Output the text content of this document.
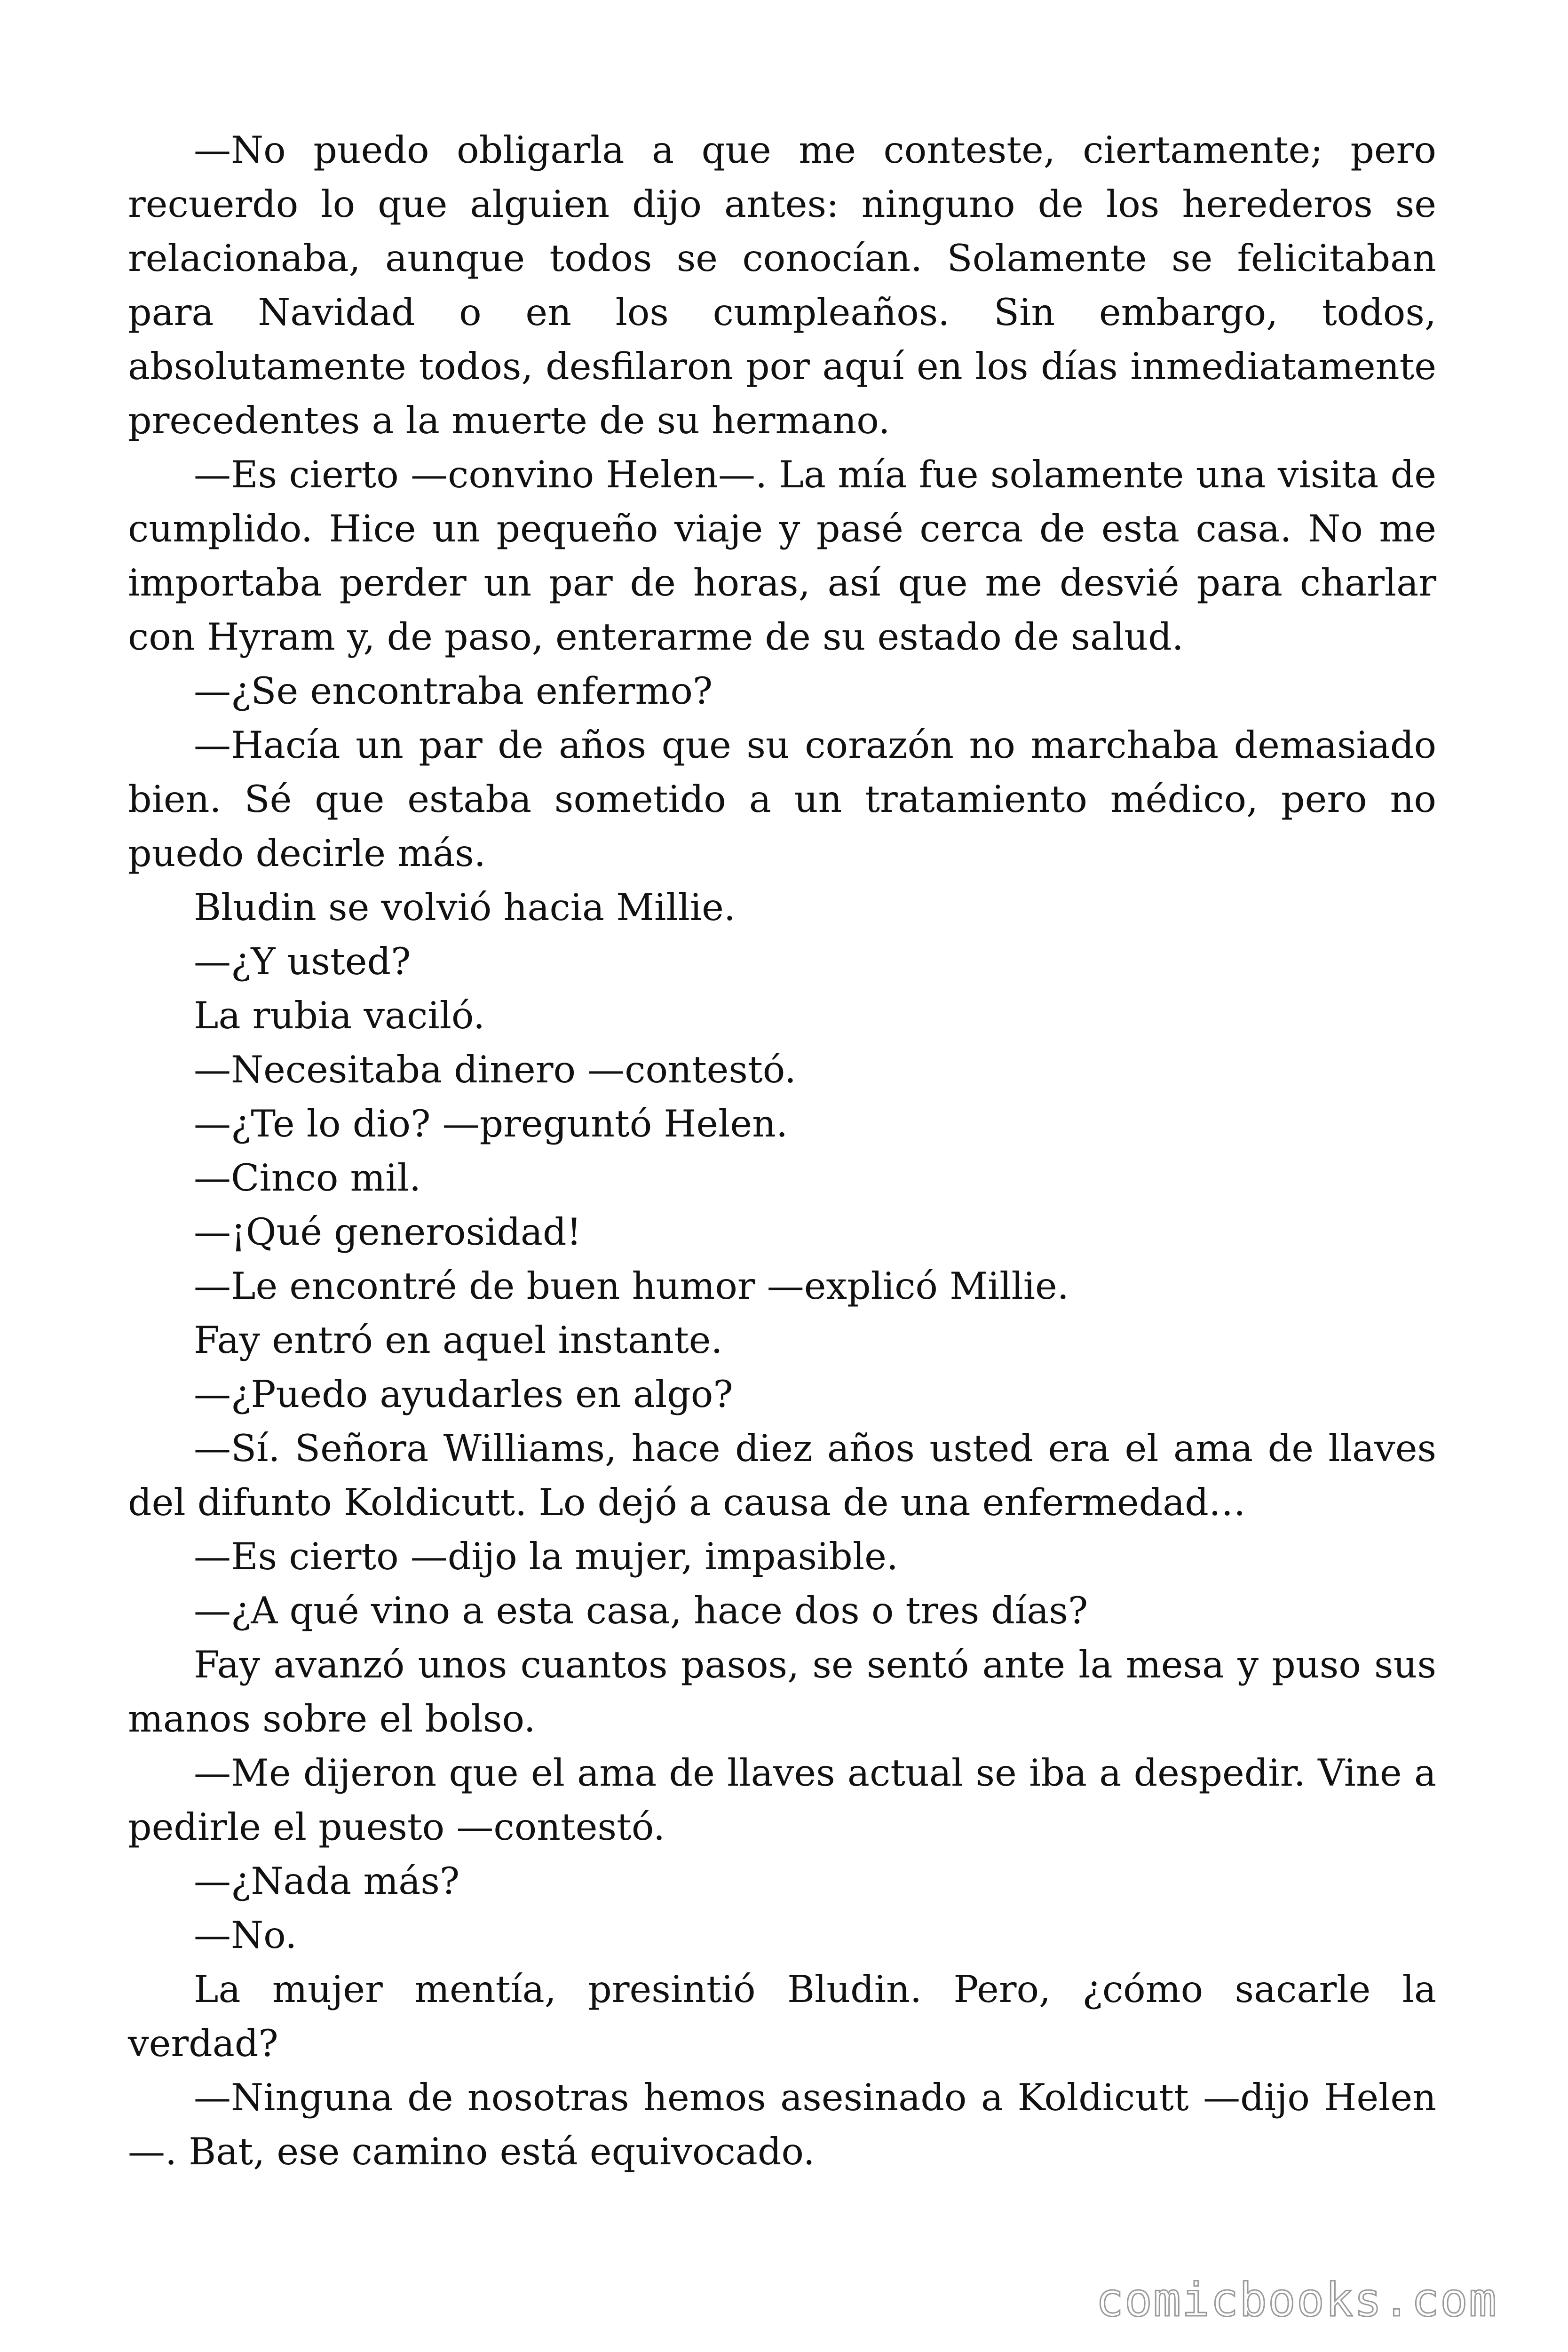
—No puedo obligarla a que me conteste, ciertamente; pero recuerdo lo que alguien dijo antes: ninguno de los herederos se relacionaba, aunque todos se conocían. Solamente se felicitaban para Navidad o en los cumpleaños. Sin embargo, todos, absolutamente todos, desfilaron por aquí en los días inmediatamente precedentes a la muerte de su hermano.

—Es cierto —convino Helen—. La mía fue solamente una visita de cumplido. Hice un pequeño viaje y pasé cerca de esta casa. No me importaba perder un par de horas, así que me desvié para charlar con Hyram y, de paso, enterarme de su estado de salud.

—¿Se encontraba enfermo?

—Hacía un par de años que su corazón no marchaba demasiado bien. Sé que estaba sometido a un tratamiento médico, pero no puedo decirle más.

Bludin se volvió hacia Millie.

—¿Y usted?

La rubia vaciló.

—Necesitaba dinero —contestó.

—¿Te lo dio? —preguntó Helen.

—Cinco mil.

—¡Qué generosidad!

—Le encontré de buen humor —explicó Millie.

Fay entró en aquel instante.

—¿Puedo ayudarles en algo?

—Sí. Señora Williams, hace diez años usted era el ama de llaves del difunto Koldicutt. Lo dejó a causa de una enfermedad…

—Es cierto —dijo la mujer, impasible.

—¿A qué vino a esta casa, hace dos o tres días?

Fay avanzó unos cuantos pasos, se sentó ante la mesa y puso sus manos sobre el bolso.

—Me dijeron que el ama de llaves actual se iba a despedir. Vine a pedirle el puesto —contestó.

—¿Nada más?

—No.

La mujer mentía, presintió Bludin. Pero, ¿cómo sacarle la verdad?

—Ninguna de nosotras hemos asesinado a Koldicutt —dijo Helen —. Bat, ese camino está equivocado.

comicbooks.com
